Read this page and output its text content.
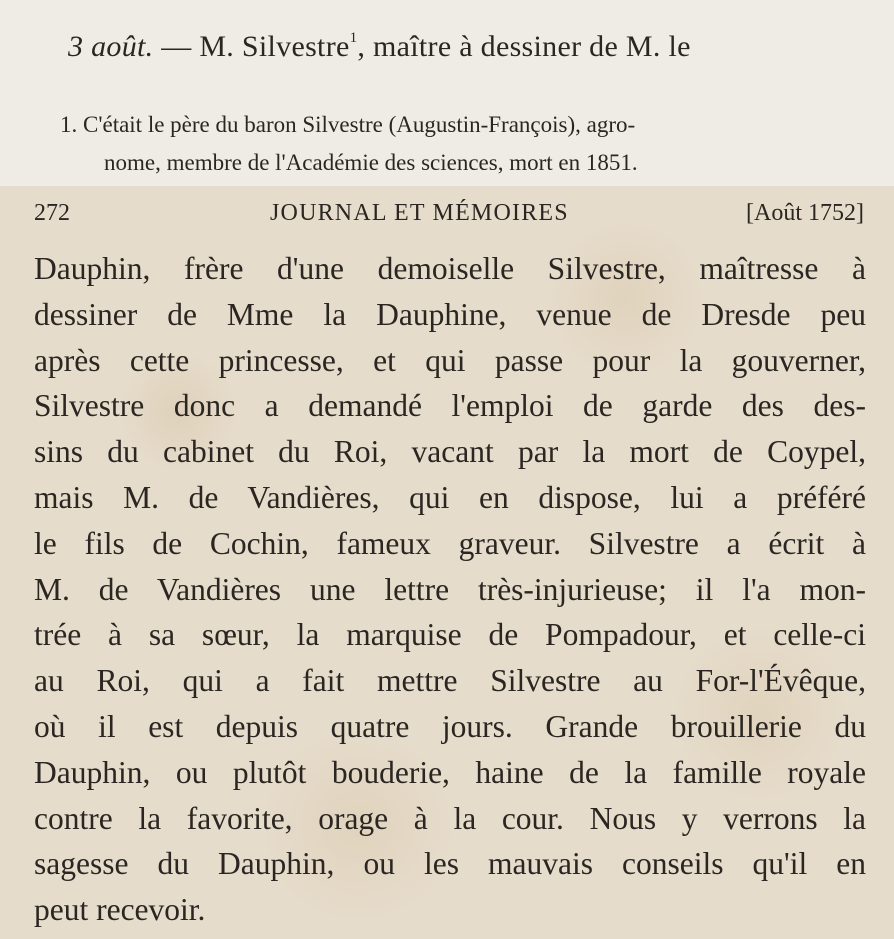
3 août. — M. Silvestre$^1$, maître à dessiner de M. le
1. C'était le père du baron Silvestre (Augustin-François), agro-
nome, membre de l'Académie des sciences, mort en 1851.
272	JOURNAL ET MÉMOIRES	[Août 1752]
Dauphin, frère d'une demoiselle Silvestre, maîtresse à
dessiner de Mme la Dauphine, venue de Dresde peu
après cette princesse, et qui passe pour la gouverner,
Silvestre donc a demandé l'emploi de garde des des-
sins du cabinet du Roi, vacant par la mort de Coypel,
mais M. de Vandières, qui en dispose, lui a préféré
le fils de Cochin, fameux graveur. Silvestre a écrit à
M. de Vandières une lettre très-injurieuse; il l'a mon-
trée à sa sœur, la marquise de Pompadour, et celle-ci
au Roi, qui a fait mettre Silvestre au For-l'Évêque,
où il est depuis quatre jours. Grande brouillerie du
Dauphin, ou plutôt bouderie, haine de la famille royale
contre la favorite, orage à la cour. Nous y verrons la
sagesse du Dauphin, ou les mauvais conseils qu'il en
peut recevoir.
